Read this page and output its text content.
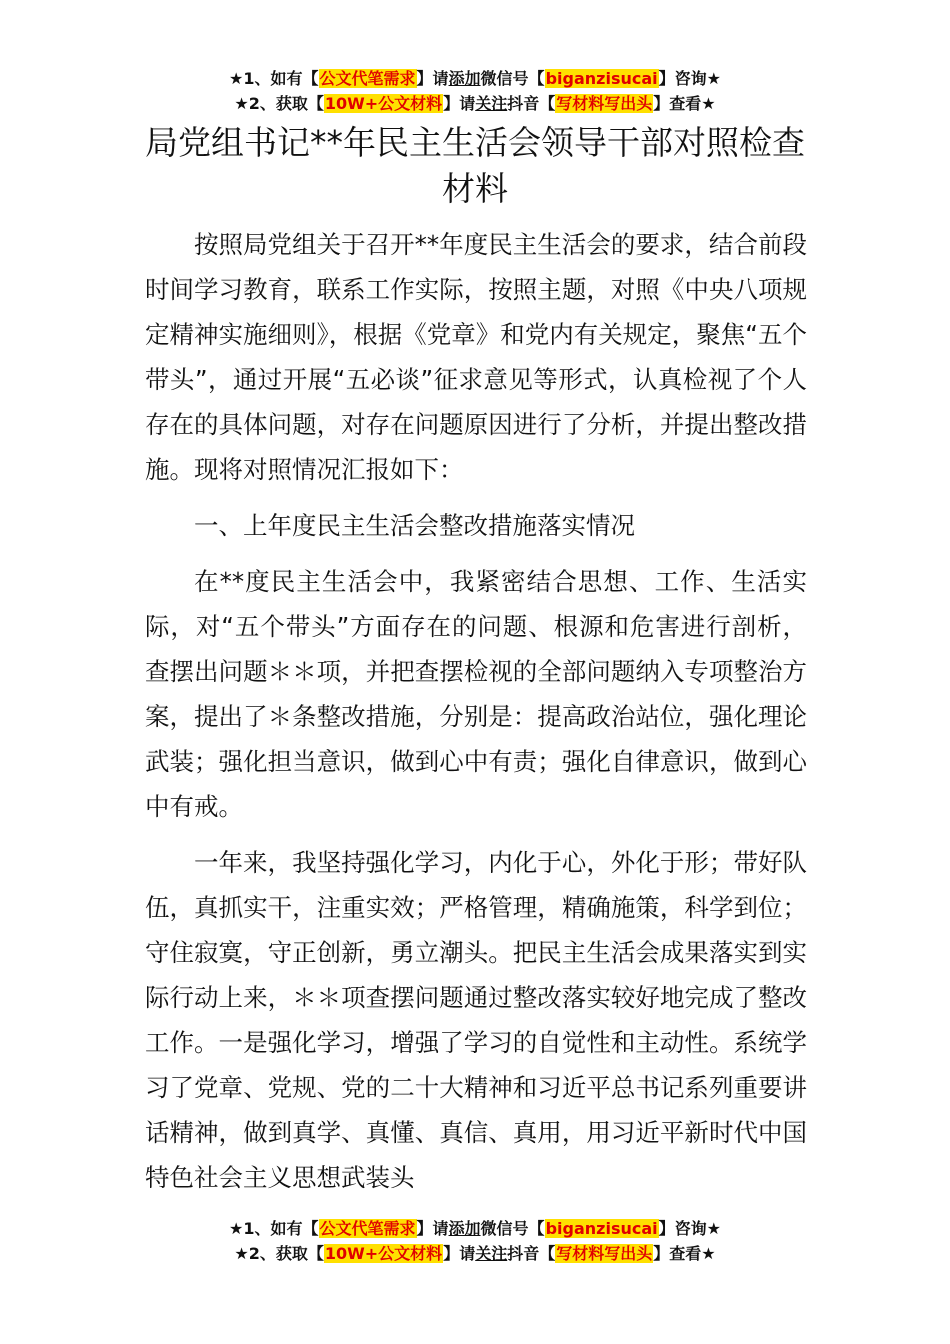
★1、如有【公文代笔需求】请添加微信号【biganzisucai】咨询★
★2、获取【10W+公文材料】请关注抖音【写材料写出头】查看★
局党组书记**年民主生活会领导干部对照检查材料

按照局党组关于召开**年度民主生活会的要求，结合前段时间学习教育，联系工作实际，按照主题，对照《中央八项规定精神实施细则》，根据《党章》和党内有关规定，聚焦“五个带头”，通过开展“五必谈”征求意见等形式，认真检视了个人存在的具体问题，对存在问题原因进行了分析，并提出整改措施。现将对照情况汇报如下：

一、上年度民主生活会整改措施落实情况

在**度民主生活会中，我紧密结合思想、工作、生活实际，对“五个带头”方面存在的问题、根源和危害进行剖析，查摆出问题＊＊项，并把查摆检视的全部问题纳入专项整治方案，提出了＊条整改措施，分别是：提高政治站位，强化理论武装；强化担当意识，做到心中有责；强化自律意识，做到心中有戒。

一年来，我坚持强化学习，内化于心，外化于形；带好队伍，真抓实干，注重实效；严格管理，精确施策，科学到位；守住寂寞，守正创新，勇立潮头。把民主生活会成果落实到实际行动上来，＊＊项查摆问题通过整改落实较好地完成了整改工作。一是强化学习，增强了学习的自觉性和主动性。系统学习了党章、党规、党的二十大精神和习近平总书记系列重要讲话精神，做到真学、真懂、真信、真用，用习近平新时代中国特色社会主义思想武装头

★1、如有【公文代笔需求】请添加微信号【biganzisucai】咨询★
★2、获取【10W+公文材料】请关注抖音【写材料写出头】查看★
